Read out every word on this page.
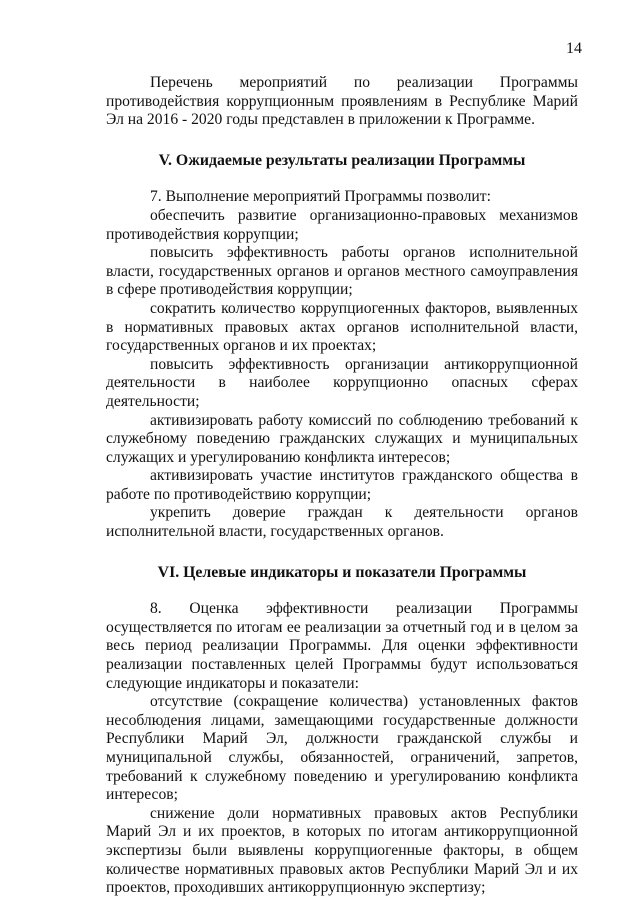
14

Перечень мероприятий по реализации Программы противодействия коррупционным проявлениям в Республике Марий Эл на 2016 - 2020 годы представлен в приложении к Программе.

V. Ожидаемые результаты реализации Программы

7. Выполнение мероприятий Программы позволит:

обеспечить развитие организационно-правовых механизмов противодействия коррупции;

повысить эффективность работы органов исполнительной власти, государственных органов и органов местного самоуправления в сфере противодействия коррупции;

сократить количество коррупциогенных факторов, выявленных в нормативных правовых актах органов исполнительной власти, государственных органов и их проектах;

повысить эффективность организации антикоррупционной деятельности в наиболее коррупционно опасных сферах деятельности;

активизировать работу комиссий по соблюдению требований к служебному поведению гражданских служащих и муниципальных служащих и урегулированию конфликта интересов;

активизировать участие институтов гражданского общества в работе по противодействию коррупции;

укрепить доверие граждан к деятельности органов исполнительной власти, государственных органов.

VI. Целевые индикаторы и показатели Программы

8. Оценка эффективности реализации Программы осуществляется по итогам ее реализации за отчетный год и в целом за весь период реализации Программы. Для оценки эффективности реализации поставленных целей Программы будут использоваться следующие индикаторы и показатели:

отсутствие (сокращение количества) установленных фактов несоблюдения лицами, замещающими государственные должности Республики Марий Эл, должности гражданской службы и муниципальной службы, обязанностей, ограничений, запретов, требований к служебному поведению и урегулированию конфликта интересов;

снижение доли нормативных правовых актов Республики Марий Эл и их проектов, в которых по итогам антикоррупционной экспертизы были выявлены коррупциогенные факторы, в общем количестве нормативных правовых актов Республики Марий Эл и их проектов, проходивших антикоррупционную экспертизу;
